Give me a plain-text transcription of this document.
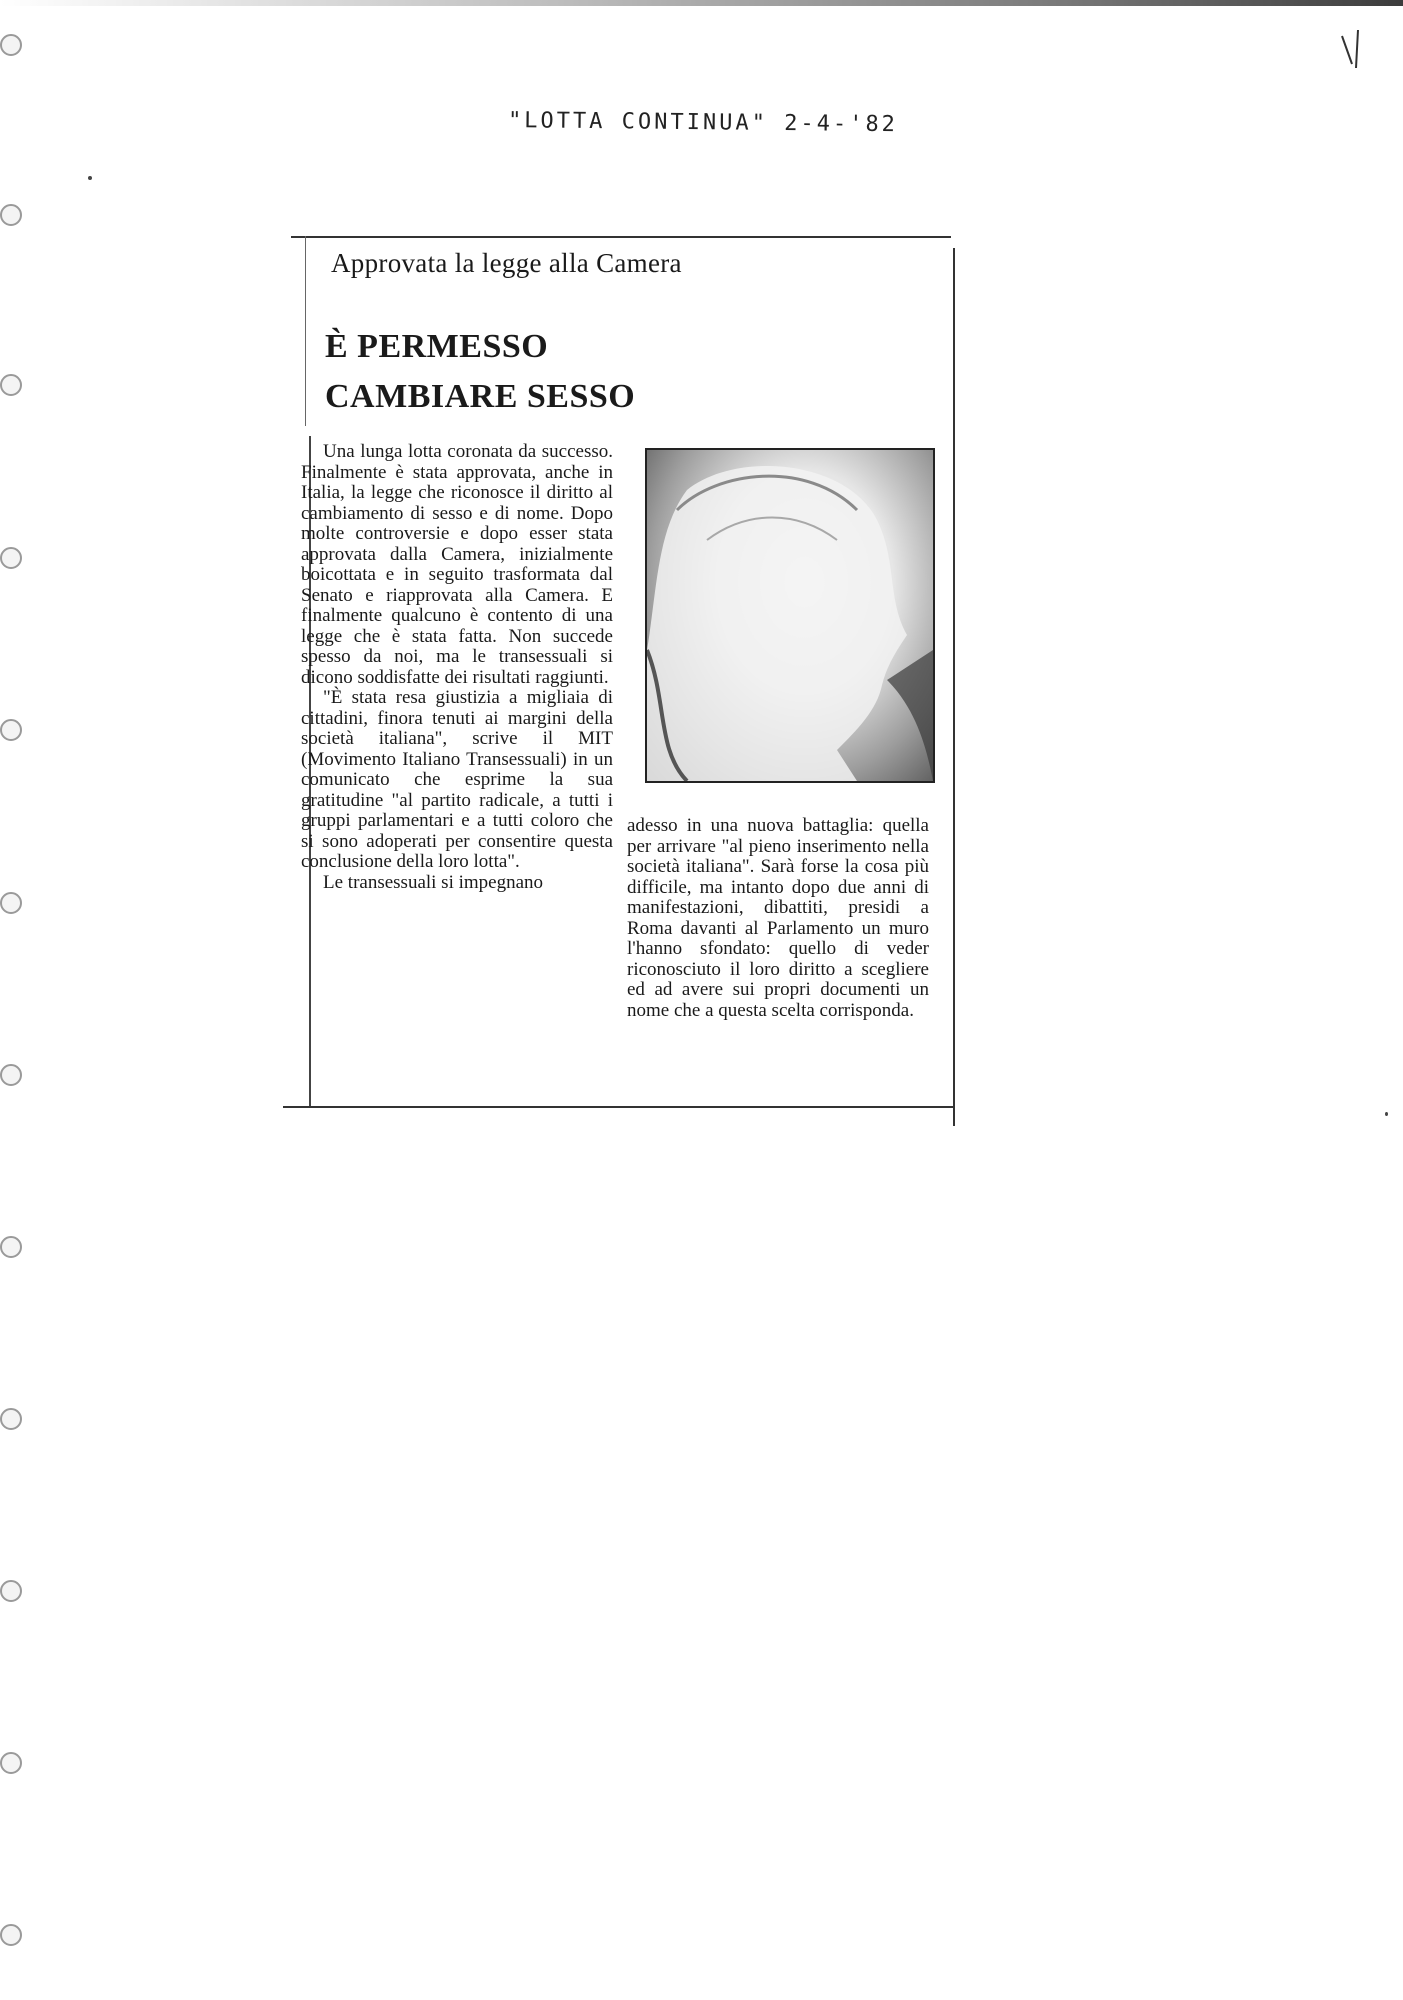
"LOTTA CONTINUA" 2-4-'82
Approvata la legge alla Camera
È PERMESSO
CAMBIARE SESSO

Una lunga lotta coronata da successo. Finalmente è stata approvata, anche in Italia, la legge che riconosce il diritto al cambiamento di sesso e di nome. Dopo molte controversie e dopo esser stata approvata dalla Camera, inizialmente boicottata e in seguito trasformata dal Senato e riapprovata alla Camera. E finalmente qualcuno è contento di una legge che è stata fatta. Non succede spesso da noi, ma le transessuali si dicono soddisfatte dei risultati raggiunti.

"È stata resa giustizia a migliaia di cittadini, finora tenuti ai margini della società italiana", scrive il MIT (Movimento Italiano Transessuali) in un comunicato che esprime la sua gratitudine "al partito radicale, a tutti i gruppi parlamentari e a tutti coloro che si sono adoperati per consentire questa conclusione della loro lotta".

Le transessuali si impegnano

adesso in una nuova battaglia: quella per arrivare "al pieno inserimento nella società italiana". Sarà forse la cosa più difficile, ma intanto dopo due anni di manifestazioni, dibattiti, presidi a Roma davanti al Parlamento un muro l'hanno sfondato: quello di veder riconosciuto il loro diritto a scegliere ed ad avere sui propri documenti un nome che a questa scelta corrisponda.
